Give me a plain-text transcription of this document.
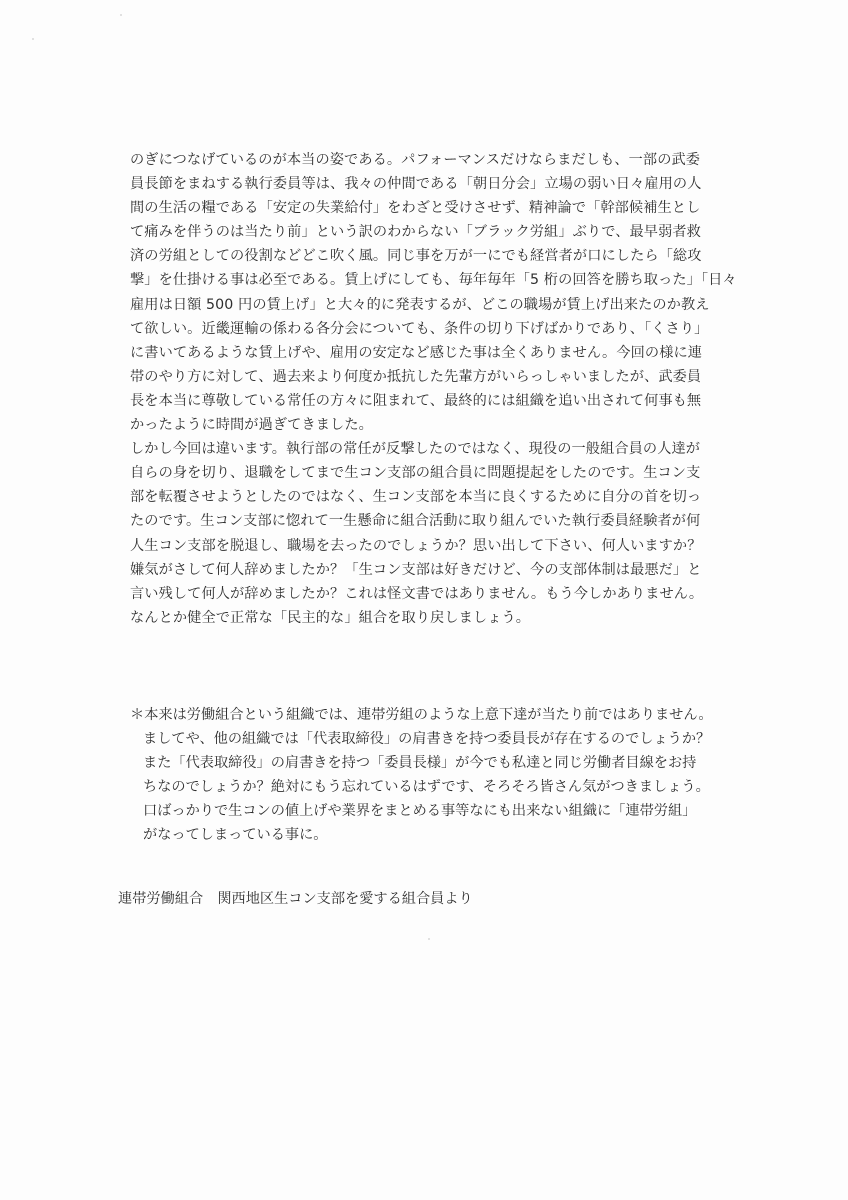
のぎにつなげているのが本当の姿である。パフォーマンスだけならまだしも、一部の武委
員長節をまねする執行委員等は、我々の仲間である「朝日分会」立場の弱い日々雇用の人
間の生活の糧である「安定の失業給付」をわざと受けさせず、精神論で「幹部候補生とし
て痛みを伴うのは当たり前」という訳のわからない「ブラック労組」ぶりで、最早弱者救
済の労組としての役割などどこ吹く風。同じ事を万が一にでも経営者が口にしたら「総攻
撃」を仕掛ける事は必至である。賃上げにしても、毎年毎年「5 桁の回答を勝ち取った」「日々
雇用は日額 500 円の賃上げ」と大々的に発表するが、どこの職場が賃上げ出来たのか教え
て欲しい。近畿運輸の係わる各分会についても、条件の切り下げばかりであり、「くさり」
に書いてあるような賃上げや、雇用の安定など感じた事は全くありません。今回の様に連
帯のやり方に対して、過去来より何度か抵抗した先輩方がいらっしゃいましたが、武委員
長を本当に尊敬している常任の方々に阻まれて、最終的には組織を追い出されて何事も無
かったように時間が過ぎてきました。
しかし今回は違います。執行部の常任が反撃したのではなく、現役の一般組合員の人達が
自らの身を切り、退職をしてまで生コン支部の組合員に問題提起をしたのです。生コン支
部を転覆させようとしたのではなく、生コン支部を本当に良くするために自分の首を切っ
たのです。生コン支部に惚れて一生懸命に組合活動に取り組んでいた執行委員経験者が何
人生コン支部を脱退し、職場を去ったのでしょうか？思い出して下さい、何人いますか？
嫌気がさして何人辞めましたか？「生コン支部は好きだけど、今の支部体制は最悪だ」と
言い残して何人が辞めましたか？これは怪文書ではありません。もう今しかありません。
なんとか健全で正常な「民主的な」組合を取り戻しましょう。
＊本来は労働組合という組織では、連帯労組のような上意下達が当たり前ではありません。
ましてや、他の組織では「代表取締役」の肩書きを持つ委員長が存在するのでしょうか？
また「代表取締役」の肩書きを持つ「委員長様」が今でも私達と同じ労働者目線をお持
ちなのでしょうか？絶対にもう忘れているはずです、そろそろ皆さん気がつきましょう。
口ばっかりで生コンの値上げや業界をまとめる事等なにも出来ない組織に「連帯労組」
がなってしまっている事に。
連帯労働組合　関西地区生コン支部を愛する組合員より
